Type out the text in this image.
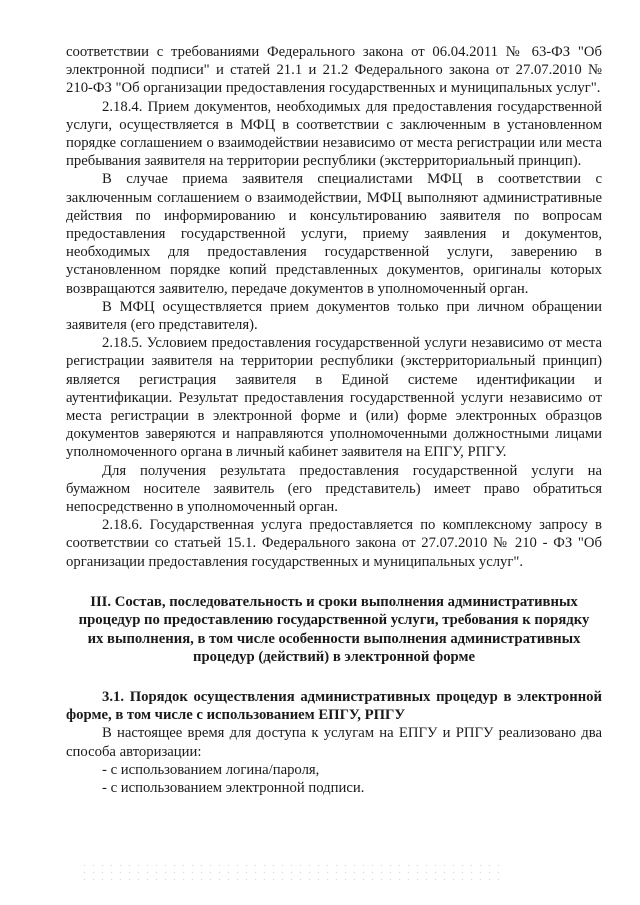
соответствии с требованиями Федерального закона от 06.04.2011 № 63-ФЗ "Об электронной подписи" и статей 21.1 и 21.2 Федерального закона от 27.07.2010 № 210-ФЗ "Об организации предоставления государственных и муниципальных услуг".

2.18.4. Прием документов, необходимых для предоставления государственной услуги, осуществляется в МФЦ в соответствии с заключенным в установленном порядке соглашением о взаимодействии независимо от места регистрации или места пребывания заявителя на территории республики (экстерриториальный принцип).

В случае приема заявителя специалистами МФЦ в соответствии с заключенным соглашением о взаимодействии, МФЦ выполняют административные действия по информированию и консультированию заявителя по вопросам предоставления государственной услуги, приему заявления и документов, необходимых для предоставления государственной услуги, заверению в установленном порядке копий представленных документов, оригиналы которых возвращаются заявителю, передаче документов в уполномоченный орган.

В МФЦ осуществляется прием документов только при личном обращении заявителя (его представителя).

2.18.5. Условием предоставления государственной услуги независимо от места регистрации заявителя на территории республики (экстерриториальный принцип) является регистрация заявителя в Единой системе идентификации и аутентификации. Результат предоставления государственной услуги независимо от места регистрации в электронной форме и (или) форме электронных образцов документов заверяются и направляются уполномоченными должностными лицами уполномоченного органа в личный кабинет заявителя на ЕПГУ, РПГУ.

Для получения результата предоставления государственной услуги на бумажном носителе заявитель (его представитель) имеет право обратиться непосредственно в уполномоченный орган.

2.18.6. Государственная услуга предоставляется по комплексному запросу в соответствии со статьей 15.1. Федерального закона от 27.07.2010 № 210 - ФЗ "Об организации предоставления государственных и муниципальных услуг".

III. Состав, последовательность и сроки выполнения административных процедур по предоставлению государственной услуги, требования к порядку их выполнения, в том числе особенности выполнения административных процедур (действий) в электронной форме

3.1. Порядок осуществления административных процедур в электронной форме, в том числе с использованием ЕПГУ, РПГУ

В настоящее время для доступа к услугам на ЕПГУ и РПГУ реализовано два способа авторизации:

- с использованием логина/пароля,

- с использованием электронной подписи.
